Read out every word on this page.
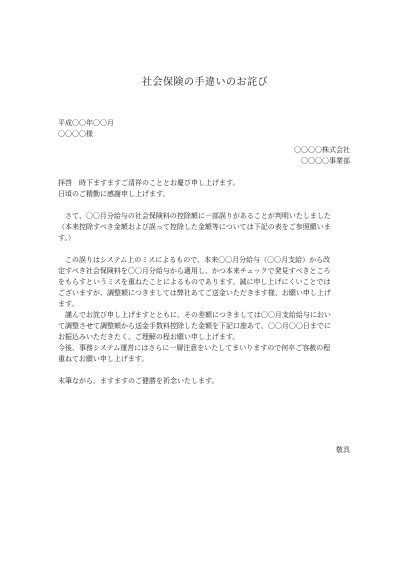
社会保険の手違いのお詫び
平成〇〇年〇〇月
〇〇〇〇様
〇〇〇〇株式会社
〇〇〇〇事業部

拝啓　時下ますますご清祥のこととお慶び申し上げます。

日頃のご精勤に感謝申し上げます。

　さて、〇〇月分給与の社会保険料の控除額に一部誤りがあることが判明いたしました
（本来控除すべき金額および誤って控除した金額等については下記の表をご参照願いま
す。）

　この誤りはシステム上のミスによるもので、本来〇〇月分給与（〇〇月支給）から改
定すべき社会保険料を〇〇月分給与から適用し、かつ本来チェックで発見すべきところ
をもらすというミスを重ねたことによるものであります。誠に申し上げにくいことでは
ございますが、調整額につきましては弊社あてご送金いただきます様、お願い申し上げ
ます。

　謹んでお詫び申し上げますとともに、その差額につきましては〇〇月支給給与におい
て調整させて調整額から送金手数料控除した金額を下記口座あて、〇〇月〇〇日までに
お振込みいただきたく、ご理解の程お願い申し上げます。
今後、事務システム運営にはさらに一層注意をいたしてまいりますので何卒ご容赦の程
重ねてお願い申し上げます。

末筆ながら、ますますのご健勝を祈念いたします。

敬具
